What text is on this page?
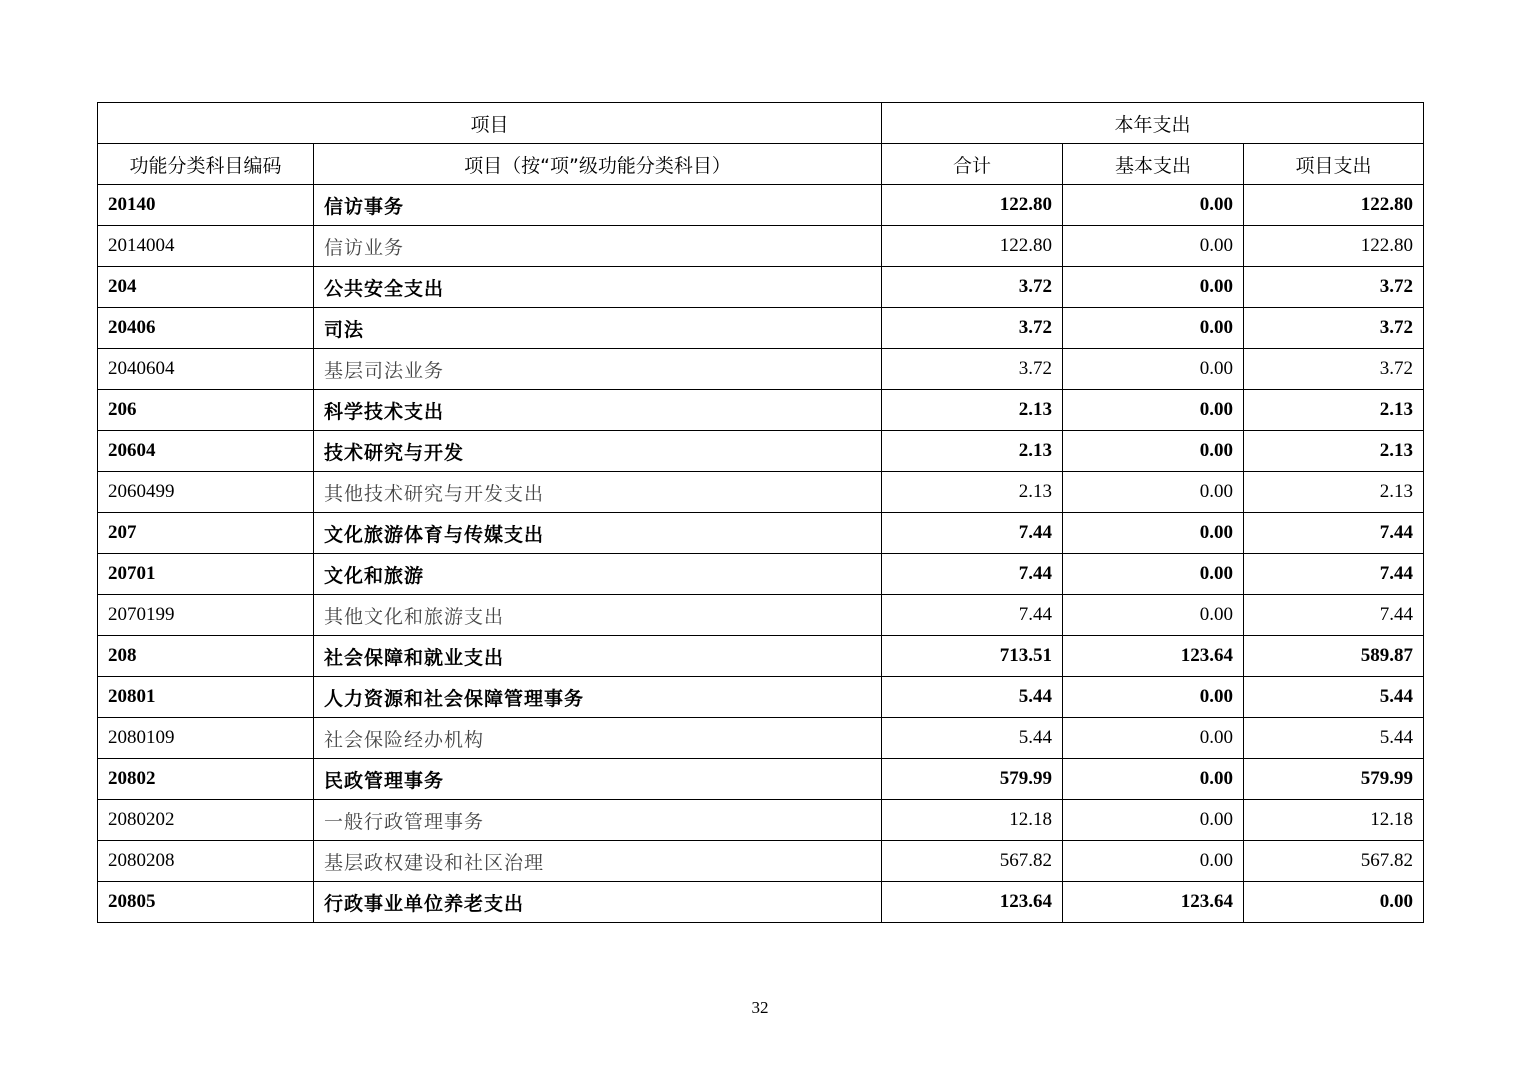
项目		本年支出		
功能分类科目编码	项目（按“项”级功能分类科目）	合计	基本支出	项目支出
20140	信访事务	122.80	0.00	122.80
2014004	信访业务	122.80	0.00	122.80
204	公共安全支出	3.72	0.00	3.72
20406	司法	3.72	0.00	3.72
2040604	基层司法业务	3.72	0.00	3.72
206	科学技术支出	2.13	0.00	2.13
20604	技术研究与开发	2.13	0.00	2.13
2060499	其他技术研究与开发支出	2.13	0.00	2.13
207	文化旅游体育与传媒支出	7.44	0.00	7.44
20701	文化和旅游	7.44	0.00	7.44
2070199	其他文化和旅游支出	7.44	0.00	7.44
208	社会保障和就业支出	713.51	123.64	589.87
20801	人力资源和社会保障管理事务	5.44	0.00	5.44
2080109	社会保险经办机构	5.44	0.00	5.44
20802	民政管理事务	579.99	0.00	579.99
2080202	一般行政管理事务	12.18	0.00	12.18
2080208	基层政权建设和社区治理	567.82	0.00	567.82
20805	行政事业单位养老支出	123.64	123.64	0.00
32
